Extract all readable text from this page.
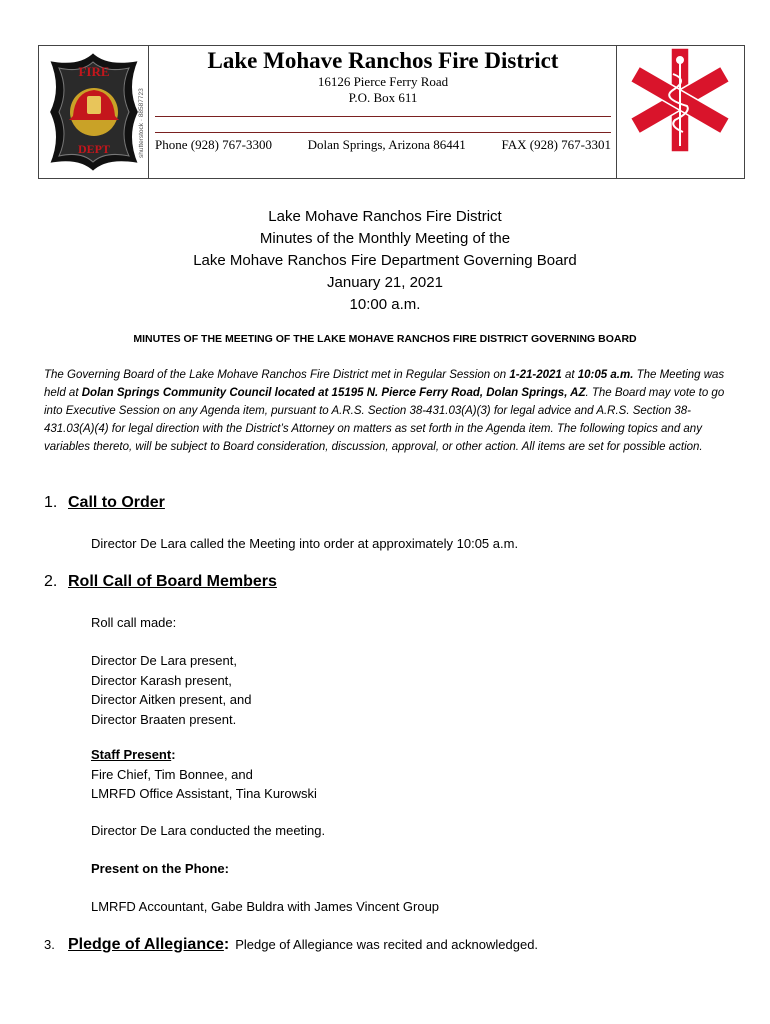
FIRE
DEPT	shutterstock · 88587723
Lake Mohave Ranchos Fire District
16126 Pierce Ferry Road
P.O. Box 611
Phone (928) 767-3300	Dolan Springs, Arizona 86441	FAX (928) 767-3301
Lake Mohave Ranchos Fire District
Minutes of the Monthly Meeting of the
Lake Mohave Ranchos Fire Department Governing Board
January 21, 2021
10:00 a.m.
MINUTES OF THE MEETING OF THE LAKE MOHAVE RANCHOS FIRE DISTRICT GOVERNING BOARD
The Governing Board of the Lake Mohave Ranchos Fire District met in Regular Session on 1-21-2021 at 10:05 a.m. The Meeting was held at Dolan Springs Community Council located at 15195 N. Pierce Ferry Road, Dolan Springs, AZ. The Board may vote to go into Executive Session on any Agenda item, pursuant to A.R.S. Section 38-431.03(A)(3) for legal advice and A.R.S. Section 38-431.03(A)(4) for legal direction with the District’s Attorney on matters as set forth in the Agenda item. The following topics and any variables thereto, will be subject to Board consideration, discussion, approval, or other action. All items are set for possible action.
1. Call to Order
Director De Lara called the Meeting into order at approximately 10:05 a.m.
2. Roll Call of Board Members
Roll call made:
Director De Lara present,
Director Karash present,
Director Aitken present, and
Director Braaten present.
Staff Present:
Fire Chief, Tim Bonnee, and
LMRFD Office Assistant, Tina Kurowski
Director De Lara conducted the meeting.
Present on the Phone:
LMRFD Accountant, Gabe Buldra with James Vincent Group
3. Pledge of Allegiance: Pledge of Allegiance was recited and acknowledged.
